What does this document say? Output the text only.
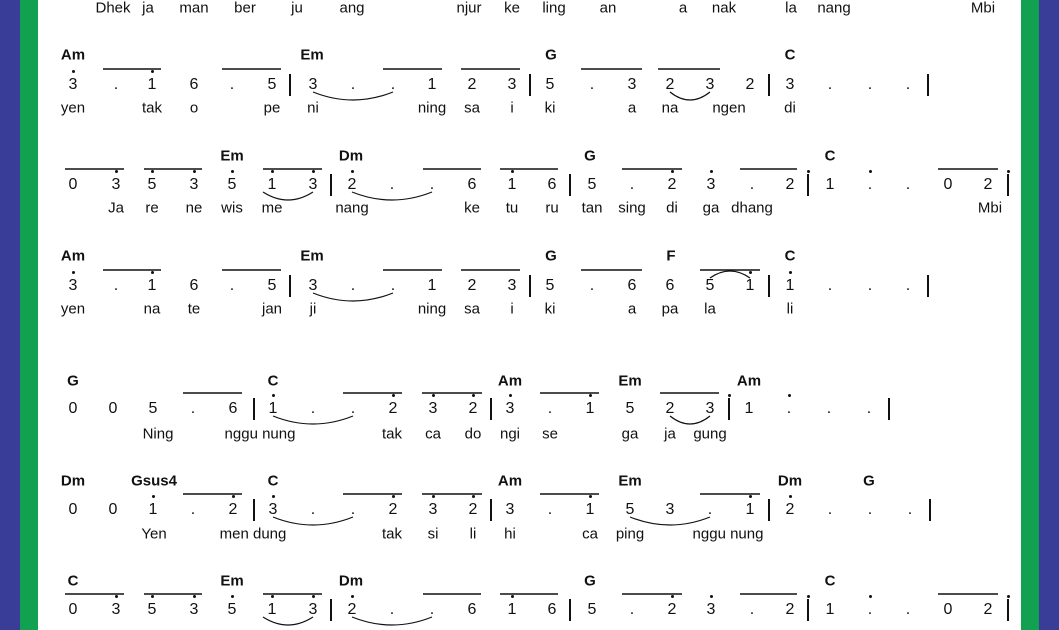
Dhek ja man ber ju ang	njur ke ling an	a nak	la nang	Mbi
Am	Em	G	C
3 . 1 6 . 5 3 . . 1 2 3 5 . 3 2 3 2 3 . . .
yen	tak o	pe ni	ning sa i ki	a na ngen	di
Em	Dm	G	C
0 3 5 3 5 1 3 2 . . 6 1 6 5 . 2 3 . 2 1 . . 0 2
Ja re ne wis me	nang	ke tu ru tan sing di ga dhang	Mbi
Am	Em	G	F	C
3 . 1 6 . 5 3 . . 1 2 3 5 . 6 6 5 1 1 . . .
yen	na te	jan ji	ning sa i ki	a pa la	li
G	C	Am	Em	Am
0 0 5 . 6 1 . . 2 3 2 3 . 1 5 2 3 1 . . .
Ning	nggu nung	tak ca do ngi se	ga ja gung
Dm	Gsus4	C	Am	Em	Dm	G
0 0 1 . 2 3 . . 2 3 2 3 . 1 5 3 . 1 2 . . .
Yen	men dung	tak si li hi	ca ping	nggu nung
C	Em	Dm	G	C
0 3 5 3 5 1 3 2 . . 6 1 6 5 . 2 3 . 2 1 . . 0 2
